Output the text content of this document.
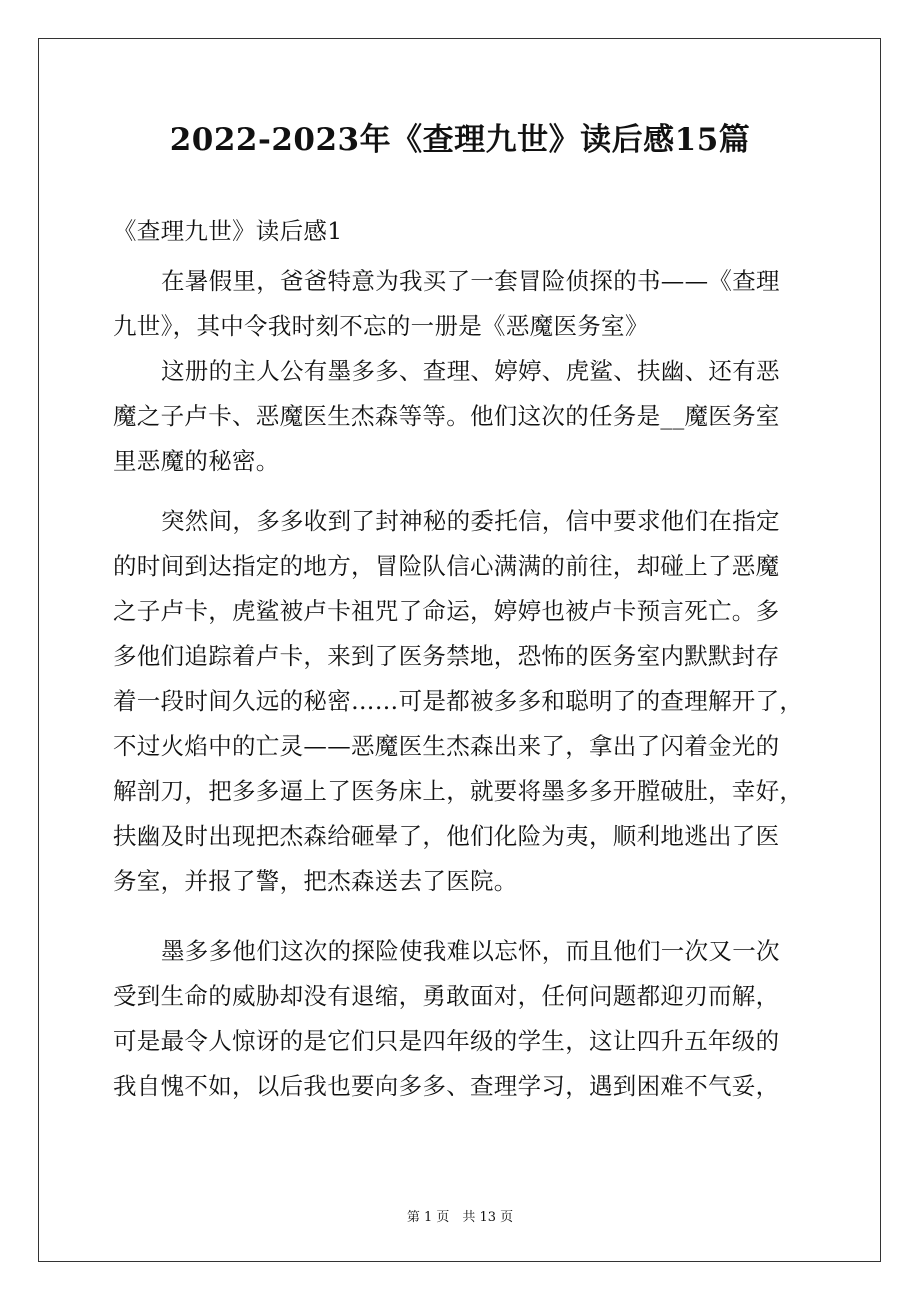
2022-2023年《查理九世》读后感15篇
《查理九世》读后感1
在暑假里，爸爸特意为我买了一套冒险侦探的书——《查理
九世》，其中令我时刻不忘的一册是《恶魔医务室》
这册的主人公有墨多多、查理、婷婷、虎鲨、扶幽、还有恶
魔之子卢卡、恶魔医生杰森等等。他们这次的任务是__魔医务室
里恶魔的秘密。
突然间，多多收到了封神秘的委托信，信中要求他们在指定
的时间到达指定的地方，冒险队信心满满的前往，却碰上了恶魔
之子卢卡，虎鲨被卢卡祖咒了命运，婷婷也被卢卡预言死亡。多
多他们追踪着卢卡，来到了医务禁地，恐怖的医务室内默默封存
着一段时间久远的秘密……可是都被多多和聪明了的查理解开了，
不过火焰中的亡灵——恶魔医生杰森出来了，拿出了闪着金光的
解剖刀，把多多逼上了医务床上，就要将墨多多开膛破肚，幸好，
扶幽及时出现把杰森给砸晕了，他们化险为夷，顺利地逃出了医
务室，并报了警，把杰森送去了医院。
墨多多他们这次的探险使我难以忘怀，而且他们一次又一次
受到生命的威胁却没有退缩，勇敢面对，任何问题都迎刃而解，
可是最令人惊讶的是它们只是四年级的学生，这让四升五年级的
我自愧不如，以后我也要向多多、查理学习，遇到困难不气妥，
第 1 页　共 13 页
